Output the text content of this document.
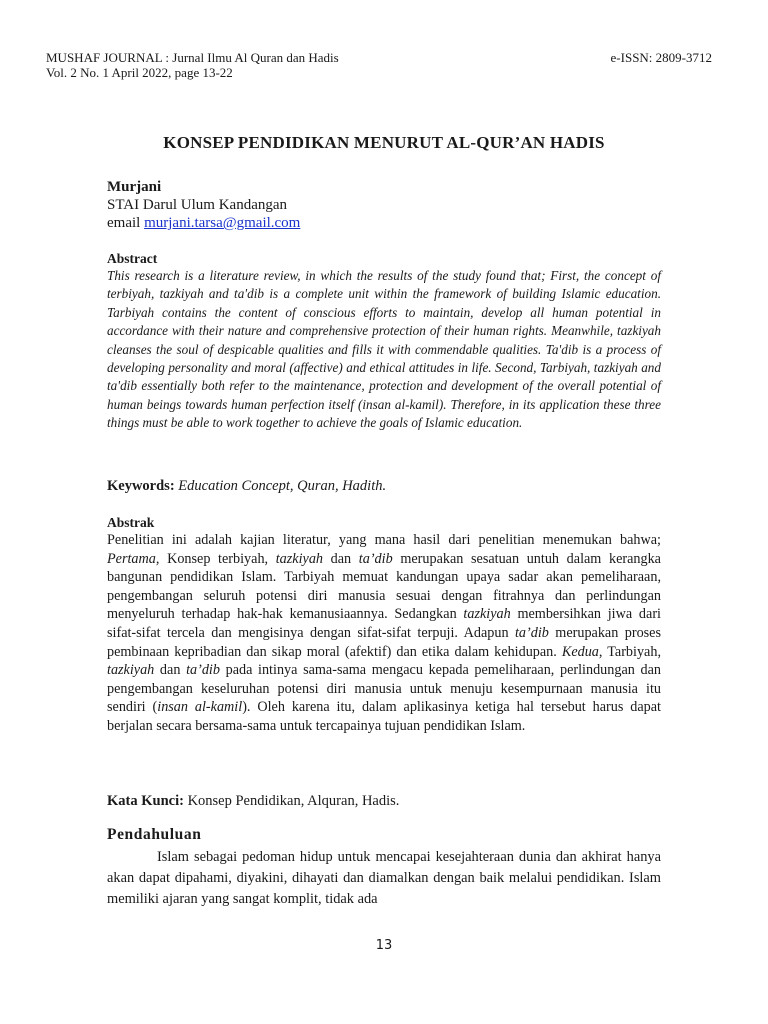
MUSHAF JOURNAL : Jurnal Ilmu Al Quran dan Hadis
Vol. 2 No. 1 April 2022, page 13-22
e-ISSN: 2809-3712
KONSEP PENDIDIKAN MENURUT AL-QUR’AN HADIS
Murjani
STAI Darul Ulum Kandangan
email murjani.tarsa@gmail.com
Abstract

This research is a literature review, in which the results of the study found that; First, the concept of terbiyah, tazkiyah and ta'dib is a complete unit within the framework of building Islamic education. Tarbiyah contains the content of conscious efforts to maintain, develop all human potential in accordance with their nature and comprehensive protection of their human rights. Meanwhile, tazkiyah cleanses the soul of despicable qualities and fills it with commendable qualities. Ta'dib is a process of developing personality and moral (affective) and ethical attitudes in life. Second, Tarbiyah, tazkiyah and ta'dib essentially both refer to the maintenance, protection and development of the overall potential of human beings towards human perfection itself (insan al-kamil). Therefore, in its application these three things must be able to work together to achieve the goals of Islamic education.

Keywords: Education Concept, Quran, Hadith.
Abstrak

Penelitian ini adalah kajian literatur, yang mana hasil dari penelitian menemukan bahwa; Pertama, Konsep terbiyah, tazkiyah dan ta’dib merupakan sesatuan untuh dalam kerangka bangunan pendidikan Islam. Tarbiyah memuat kandungan upaya sadar akan pemeliharaan, pengembangan seluruh potensi diri manusia sesuai dengan fitrahnya dan perlindungan menyeluruh terhadap hak-hak kemanusiaannya. Sedangkan tazkiyah membersihkan jiwa dari sifat-sifat tercela dan mengisinya dengan sifat-sifat terpuji. Adapun ta’dib merupakan proses pembinaan kepribadian dan sikap moral (afektif) dan etika dalam kehidupan. Kedua, Tarbiyah, tazkiyah dan ta’dib pada intinya sama-sama mengacu kepada pemeliharaan, perlindungan dan pengembangan keseluruhan potensi diri manusia untuk menuju kesempurnaan manusia itu sendiri (insan al-kamil). Oleh karena itu, dalam aplikasinya ketiga hal tersebut harus dapat berjalan secara bersama-sama untuk tercapainya tujuan pendidikan Islam.

Kata Kunci: Konsep Pendidikan, Alquran, Hadis.
Pendahuluan

Islam sebagai pedoman hidup untuk mencapai kesejahteraan dunia dan akhirat hanya akan dapat dipahami, diyakini, dihayati dan diamalkan dengan baik melalui pendidikan. Islam memiliki ajaran yang sangat komplit, tidak ada

13
